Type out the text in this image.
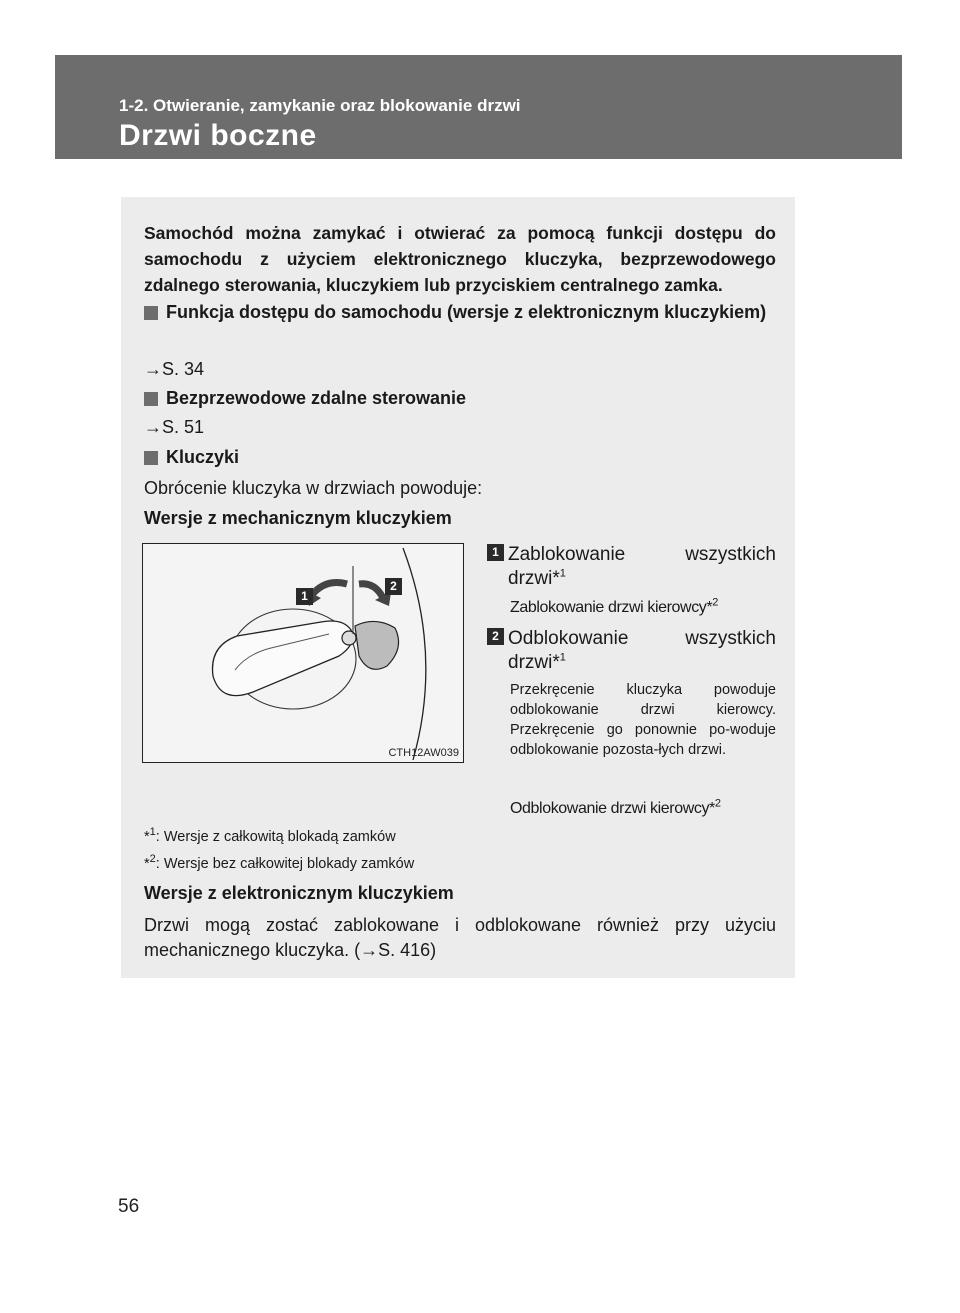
1-2. Otwieranie, zamykanie oraz blokowanie drzwi
Drzwi boczne
Samochód można zamykać i otwierać za pomocą funkcji dostępu do samochodu z użyciem elektronicznego kluczyka, bezprzewodowego zdalnego sterowania, kluczykiem lub przyciskiem centralnego zamka.
Funkcja dostępu do samochodu (wersje z elektronicznym kluczykiem)
→S. 34
Bezprzewodowe zdalne sterowanie
→S. 51
Kluczyki
Obrócenie kluczyka w drzwiach powoduje:
Wersje z mechanicznym kluczykiem
1
2
CTH12AW039
1 Zablokowanie wszystkich drzwi*$^1$
Zablokowanie drzwi kierowcy*$^2$
2 Odblokowanie wszystkich drzwi*$^1$
Przekręcenie kluczyka powoduje odblokowanie drzwi kierowcy. Przekręcenie go ponownie po-woduje odblokowanie pozosta-łych drzwi.
Odblokowanie drzwi kierowcy*$^2$
*$^1$: Wersje z całkowitą blokadą zamków
*$^2$: Wersje bez całkowitej blokady zamków
Wersje z elektronicznym kluczykiem
Drzwi mogą zostać zablokowane i odblokowane również przy użyciu mechanicznego kluczyka. (→S. 416)
56
